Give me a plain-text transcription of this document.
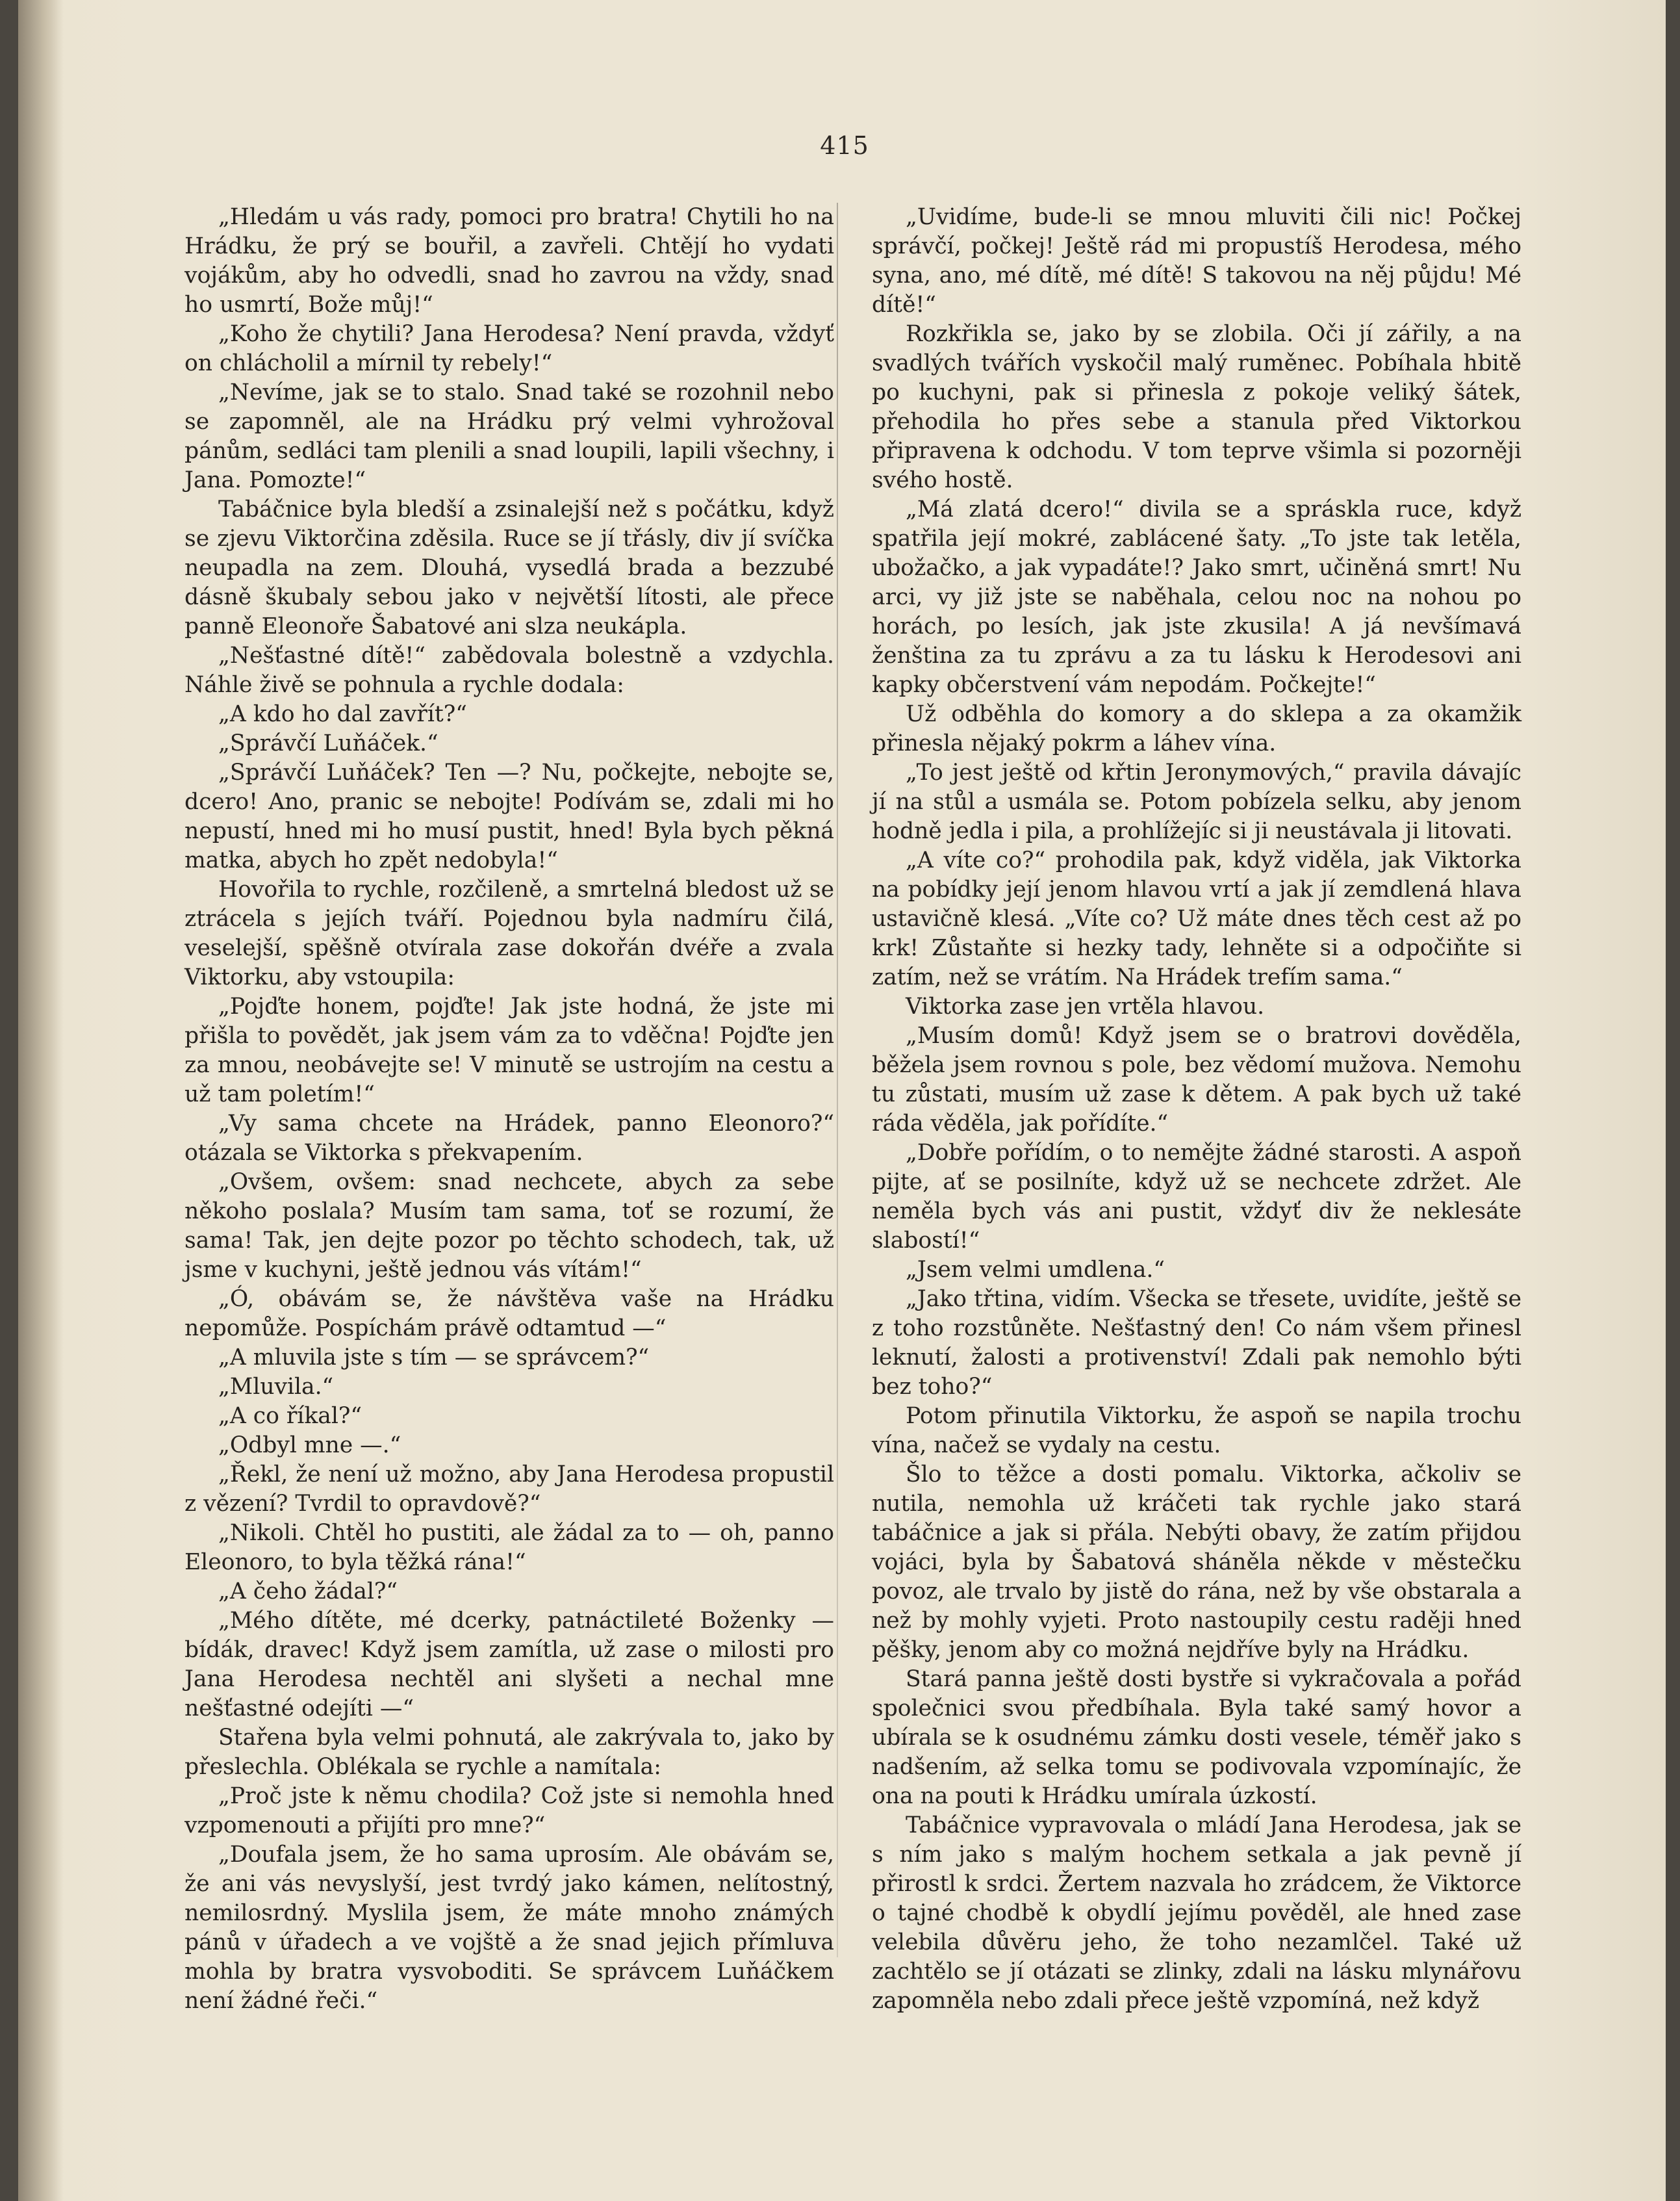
415

„Hledám u vás rady, pomoci pro bratra! Chytili ho na Hrádku, že prý se bouřil, a zavřeli. Chtějí ho vydati vojákům, aby ho odvedli, snad ho zavrou na vždy, snad ho usmrtí, Bože můj!“

„Koho že chytili? Jana Herodesa? Není pravda, vždyť on chlácholil a mírnil ty rebely!“

„Nevíme, jak se to stalo. Snad také se rozohnil nebo se zapomněl, ale na Hrádku prý velmi vyhrožoval pánům, sedláci tam plenili a snad loupili, lapili všechny, i Jana. Pomozte!“

Tabáčnice byla bledší a zsinalejší než s počátku, když se zjevu Viktorčina zděsila. Ruce se jí třásly, div jí svíčka neupadla na zem. Dlouhá, vysedlá brada a bezzubé dásně škubaly sebou jako v největší lítosti, ale přece panně Eleonoře Šabatové ani slza neukápla.

„Nešťastné dítě!“ zabědovala bolestně a vzdychla. Náhle živě se pohnula a rychle dodala:

„A kdo ho dal zavřít?“

„Správčí Luňáček.“

„Správčí Luňáček? Ten —? Nu, počkejte, nebojte se, dcero! Ano, pranic se nebojte! Podívám se, zdali mi ho nepustí, hned mi ho musí pustit, hned! Byla bych pěkná matka, abych ho zpět nedobyla!“

Hovořila to rychle, rozčileně, a smrtelná bledost už se ztrácela s jejích tváří. Pojednou byla nadmíru čilá, veselejší, spěšně otvírala zase dokořán dvéře a zvala Viktorku, aby vstoupila:

„Pojďte honem, pojďte! Jak jste hodná, že jste mi přišla to povědět, jak jsem vám za to vděčna! Pojďte jen za mnou, neobávejte se! V minutě se ustrojím na cestu a už tam poletím!“

„Vy sama chcete na Hrádek, panno Eleonoro?“ otázala se Viktorka s překvapením.

„Ovšem, ovšem: snad nechcete, abych za sebe někoho poslala? Musím tam sama, toť se rozumí, že sama! Tak, jen dejte pozor po těchto schodech, tak, už jsme v kuchyni, ještě jednou vás vítám!“

„Ó, obávám se, že návštěva vaše na Hrádku nepomůže. Pospíchám právě odtamtud —“

„A mluvila jste s tím — se správcem?“

„Mluvila.“

„A co říkal?“

„Odbyl mne —.“

„Řekl, že není už možno, aby Jana Herodesa propustil z vězení? Tvrdil to opravdově?“

„Nikoli. Chtěl ho pustiti, ale žádal za to — oh, panno Eleonoro, to byla těžká rána!“

„A čeho žádal?“

„Mého dítěte, mé dcerky, patnáctileté Boženky — bídák, dravec! Když jsem zamítla, už zase o milosti pro Jana Herodesa nechtěl ani slyšeti a nechal mne nešťastné odejíti —“

Stařena byla velmi pohnutá, ale zakrývala to, jako by přeslechla. Oblékala se rychle a namítala:

„Proč jste k němu chodila? Což jste si nemohla hned vzpomenouti a přijíti pro mne?“

„Doufala jsem, že ho sama uprosím. Ale obávám se, že ani vás nevyslyší, jest tvrdý jako kámen, nelítostný, nemilosrdný. Myslila jsem, že máte mnoho známých pánů v úřadech a ve vojště a že snad jejich přímluva mohla by bratra vysvoboditi. Se správcem Luňáčkem není žádné řeči.“

„Uvidíme, bude-li se mnou mluviti čili nic! Počkej správčí, počkej! Ještě rád mi propustíš Herodesa, mého syna, ano, mé dítě, mé dítě! S takovou na něj půjdu! Mé dítě!“

Rozkřikla se, jako by se zlobila. Oči jí zářily, a na svadlých tvářích vyskočil malý ruměnec. Pobíhala hbitě po kuchyni, pak si přinesla z pokoje veliký šátek, přehodila ho přes sebe a stanula před Viktorkou připravena k odchodu. V tom teprve všimla si pozorněji svého hostě.

„Má zlatá dcero!“ divila se a spráskla ruce, když spatřila její mokré, zablácené šaty. „To jste tak letěla, ubožačko, a jak vypadáte!? Jako smrt, učiněná smrt! Nu arci, vy již jste se naběhala, celou noc na nohou po horách, po lesích, jak jste zkusila! A já nevšímavá ženština za tu zprávu a za tu lásku k Herodesovi ani kapky občerstvení vám nepodám. Počkejte!“

Už odběhla do komory a do sklepa a za okamžik přinesla nějaký pokrm a láhev vína.

„To jest ještě od křtin Jeronymových,“ pravila dávajíc jí na stůl a usmála se. Potom pobízela selku, aby jenom hodně jedla i pila, a prohlížejíc si ji neustávala ji litovati.

„A víte co?“ prohodila pak, když viděla, jak Viktorka na pobídky její jenom hlavou vrtí a jak jí zemdlená hlava ustavičně klesá. „Víte co? Už máte dnes těch cest až po krk! Zůstaňte si hezky tady, lehněte si a odpočiňte si zatím, než se vrátím. Na Hrádek trefím sama.“

Viktorka zase jen vrtěla hlavou.

„Musím domů! Když jsem se o bratrovi dověděla, běžela jsem rovnou s pole, bez vědomí mužova. Nemohu tu zůstati, musím už zase k dětem. A pak bych už také ráda věděla, jak pořídíte.“

„Dobře pořídím, o to nemějte žádné starosti. A aspoň pijte, ať se posilníte, když už se nechcete zdržet. Ale neměla bych vás ani pustit, vždyť div že neklesáte slabostí!“

„Jsem velmi umdlena.“

„Jako třtina, vidím. Všecka se třesete, uvidíte, ještě se z toho rozstůněte. Nešťastný den! Co nám všem přinesl leknutí, žalosti a protivenství! Zdali pak nemohlo býti bez toho?“

Potom přinutila Viktorku, že aspoň se napila trochu vína, načež se vydaly na cestu.

Šlo to těžce a dosti pomalu. Viktorka, ačkoliv se nutila, nemohla už kráčeti tak rychle jako stará tabáčnice a jak si přála. Nebýti obavy, že zatím přijdou vojáci, byla by Šabatová sháněla někde v městečku povoz, ale trvalo by jistě do rána, než by vše obstarala a než by mohly vyjeti. Proto nastoupily cestu raději hned pěšky, jenom aby co možná nejdříve byly na Hrádku.

Stará panna ještě dosti bystře si vykračovala a pořád společnici svou předbíhala. Byla také samý hovor a ubírala se k osudnému zámku dosti vesele, téměř jako s nadšením, až selka tomu se podivovala vzpomínajíc, že ona na pouti k Hrádku umírala úzkostí.

Tabáčnice vypravovala o mládí Jana Herodesa, jak se s ním jako s malým hochem setkala a jak pevně jí přirostl k srdci. Žertem nazvala ho zrádcem, že Viktorce o tajné chodbě k obydlí jejímu pověděl, ale hned zase velebila důvěru jeho, že toho nezamlčel. Také už zachtělo se jí otázati se zlinky, zdali na lásku mlynářovu zapomněla nebo zdali přece ještě vzpomíná, než když
